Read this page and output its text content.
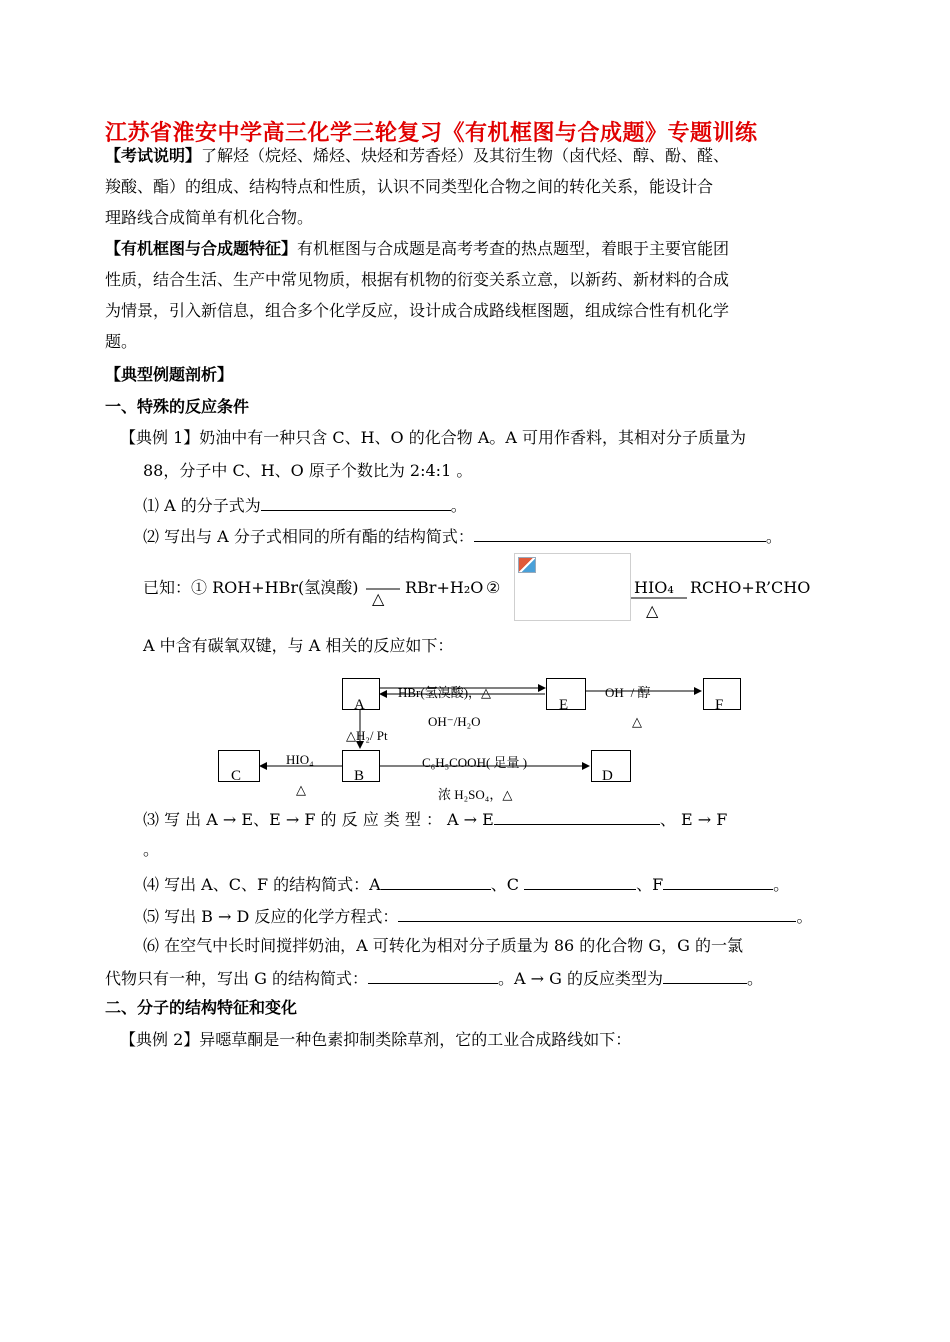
江苏省淮安中学高三化学三轮复习《有机框图与合成题》专题训练
【考试说明】了解烃（烷烃、烯烃、炔烃和芳香烃）及其衍生物（卤代烃、醇、酚、醛、
羧酸、酯）的组成、结构特点和性质，认识不同类型化合物之间的转化关系，能设计合
理路线合成简单有机化合物。
【有机框图与合成题特征】有机框图与合成题是高考考查的热点题型，着眼于主要官能团
性质，结合生活、生产中常见物质，根据有机物的衍变关系立意，以新药、新材料的合成
为情景，引入新信息，组合多个化学反应，设计成合成路线框图题，组成综合性有机化学
题。
【典型例题剖析】
一、特殊的反应条件
【典例 1】奶油中有一种只含 C、H、O 的化合物 A。A 可用作香料，其相对分子质量为
88，分子中 C、H、O 原子个数比为 2:4:1 。
⑴ A 的分子式为	。
⑵ 写出与 A 分子式相同的所有酯的结构简式：	。
已知：① ROH+HBr(氢溴酸)
△
RBr+H₂O ②	HIO₄
△
RCHO+R’CHO
A 中含有碳氧双键，与 A 相关的反应如下：
A	E	F
C	B	D
HBr(氢溴酸)，△
OH⁻/H₂O
OH⁻/ 醇
△
△H₂/ Pt
HIO₄
△
C₆H₅COOH( 足量 )
浓 H₂SO₄，△
⑶ 写 出 A → E、E → F 的 反 应 类 型 ： A → E	、 E → F
。
⑷ 写出 A、C、F 的结构简式：A	、C	、F	。
⑸ 写出 B → D 反应的化学方程式：	。
⑹ 在空气中长时间搅拌奶油，A 可转化为相对分子质量为 86 的化合物 G，G 的一氯
代物只有一种，写出 G 的结构简式：	。A → G 的反应类型为	。
二、分子的结构特征和变化
【典例 2】异噁草酮是一种色素抑制类除草剂，它的工业合成路线如下：
